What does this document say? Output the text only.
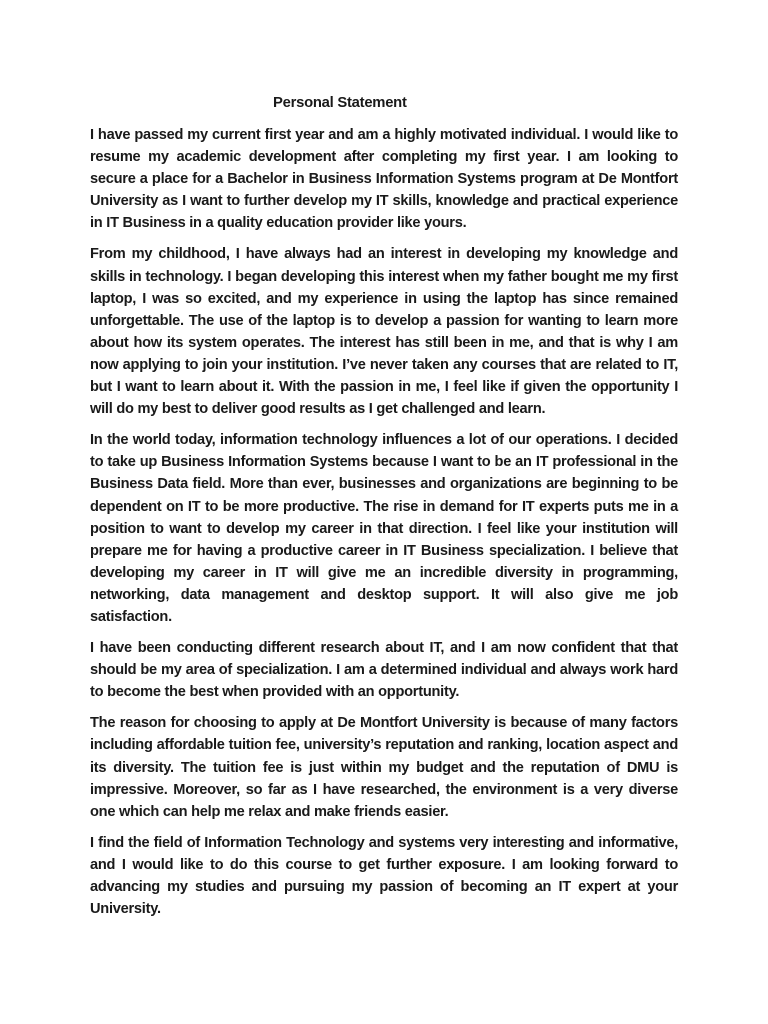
Personal Statement

I have passed my current first year and am a highly motivated individual. I would like to resume my academic development after completing my first year. I am looking to secure a place for a Bachelor in Business Information Systems program at De Montfort University as I want to further develop my IT skills, knowledge and practical experience in IT Business in a quality education provider like yours.

From my childhood, I have always had an interest in developing my knowledge and skills in technology. I began developing this interest when my father bought me my first laptop, I was so excited, and my experience in using the laptop has since remained unforgettable. The use of the laptop is to develop a passion for wanting to learn more about how its system operates. The interest has still been in me, and that is why I am now applying to join your institution. I’ve never taken any courses that are related to IT, but I want to learn about it. With the passion in me, I feel like if given the opportunity I will do my best to deliver good results as I get challenged and learn.

In the world today, information technology influences a lot of our operations. I decided to take up Business Information Systems because I want to be an IT professional in the Business Data field. More than ever, businesses and organizations are beginning to be dependent on IT to be more productive. The rise in demand for IT experts puts me in a position to want to develop my career in that direction. I feel like your institution will prepare me for having a productive career in IT Business specialization. I believe that developing my career in IT will give me an incredible diversity in programming, networking, data management and desktop support. It will also give me job satisfaction.

I have been conducting different research about IT, and I am now confident that that should be my area of specialization. I am a determined individual and always work hard to become the best when provided with an opportunity.

The reason for choosing to apply at De Montfort University is because of many factors including affordable tuition fee, university’s reputation and ranking, location aspect and its diversity. The tuition fee is just within my budget and the reputation of DMU is impressive. Moreover, so far as I have researched, the environment is a very diverse one which can help me relax and make friends easier.

I find the field of Information Technology and systems very interesting and informative, and I would like to do this course to get further exposure. I am looking forward to advancing my studies and pursuing my passion of becoming an IT expert at your University.
